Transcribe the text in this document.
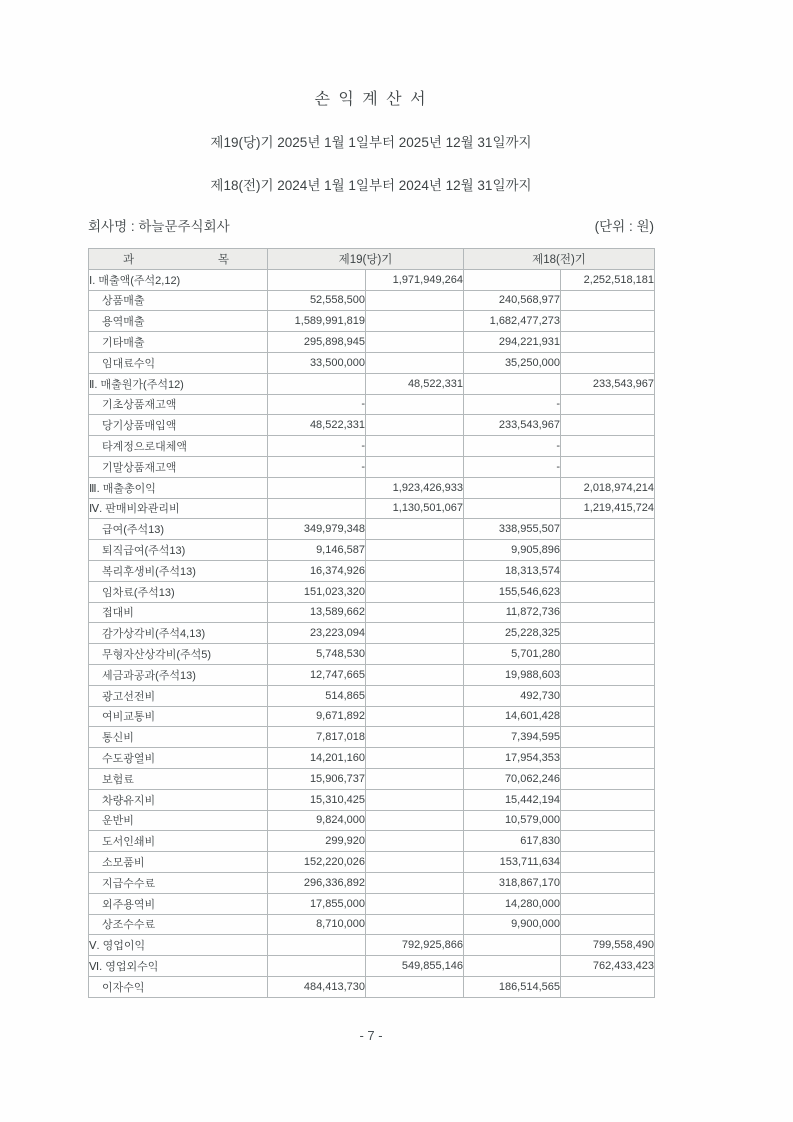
손 익 계 산 서
제19(당)기 2025년 1월 1일부터 2025년 12월 31일까지
제18(전)기 2024년 1월 1일부터 2024년 12월 31일까지
회사명 : 하늘문주식회사	(단위 : 원)
과 목	제19(당)기		제18(전)기	
Ⅰ. 매출액(주석2,12)		1,971,949,264		2,252,518,181
상품매출	52,558,500		240,568,977	
용역매출	1,589,991,819		1,682,477,273	
기타매출	295,898,945		294,221,931	
임대료수익	33,500,000		35,250,000	
Ⅱ. 매출원가(주석12)		48,522,331		233,543,967
기초상품재고액	-		-	
당기상품매입액	48,522,331		233,543,967	
타계정으로대체액	-		-	
기말상품재고액	-		-	
Ⅲ. 매출총이익		1,923,426,933		2,018,974,214
Ⅳ. 판매비와관리비		1,130,501,067		1,219,415,724
급여(주석13)	349,979,348		338,955,507	
퇴직급여(주석13)	9,146,587		9,905,896	
복리후생비(주석13)	16,374,926		18,313,574	
임차료(주석13)	151,023,320		155,546,623	
접대비	13,589,662		11,872,736	
감가상각비(주석4,13)	23,223,094		25,228,325	
무형자산상각비(주석5)	5,748,530		5,701,280	
세금과공과(주석13)	12,747,665		19,988,603	
광고선전비	514,865		492,730	
여비교통비	9,671,892		14,601,428	
통신비	7,817,018		7,394,595	
수도광열비	14,201,160		17,954,353	
보험료	15,906,737		70,062,246	
차량유지비	15,310,425		15,442,194	
운반비	9,824,000		10,579,000	
도서인쇄비	299,920		617,830	
소모품비	152,220,026		153,711,634	
지급수수료	296,336,892		318,867,170	
외주용역비	17,855,000		14,280,000	
상조수수료	8,710,000		9,900,000	
Ⅴ. 영업이익		792,925,866		799,558,490
Ⅵ. 영업외수익		549,855,146		762,433,423
이자수익	484,413,730		186,514,565	
- 7 -
